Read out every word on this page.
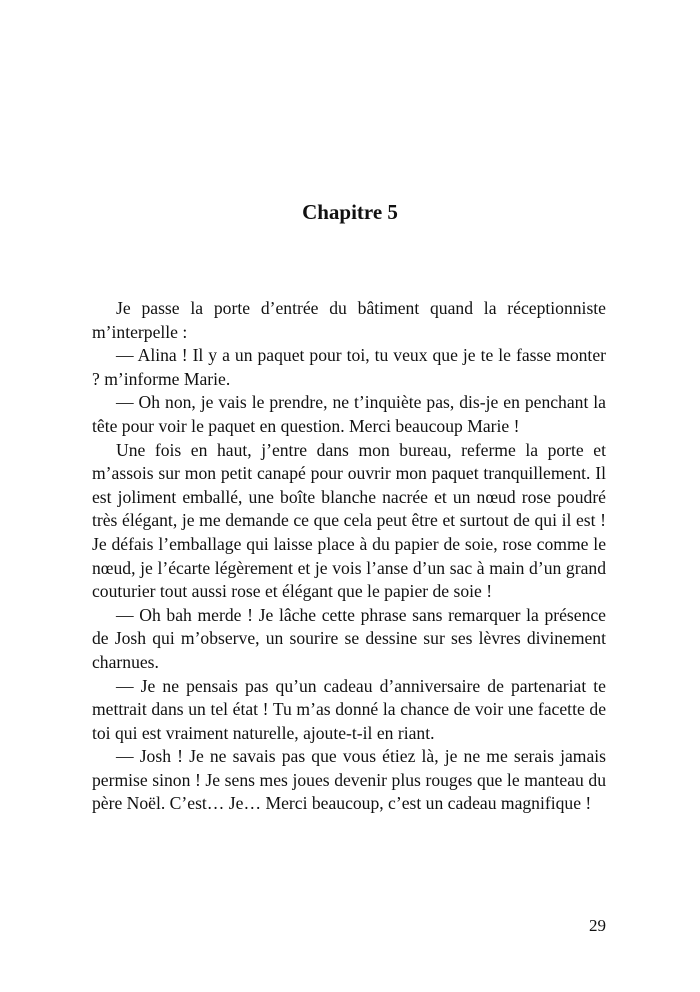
Chapitre 5

Je passe la porte d’entrée du bâtiment quand la réceptionniste m’interpelle :

— Alina ! Il y a un paquet pour toi, tu veux que je te le fasse monter ? m’informe Marie.

— Oh non, je vais le prendre, ne t’inquiète pas, dis-je en penchant la tête pour voir le paquet en question. Merci beaucoup Marie !

Une fois en haut, j’entre dans mon bureau, referme la porte et m’assois sur mon petit canapé pour ouvrir mon paquet tranquillement. Il est joliment emballé, une boîte blanche nacrée et un nœud rose poudré très élégant, je me demande ce que cela peut être et surtout de qui il est ! Je défais l’emballage qui laisse place à du papier de soie, rose comme le nœud, je l’écarte légèrement et je vois l’anse d’un sac à main d’un grand couturier tout aussi rose et élégant que le papier de soie !

— Oh bah merde ! Je lâche cette phrase sans remarquer la présence de Josh qui m’observe, un sourire se dessine sur ses lèvres divinement charnues.

— Je ne pensais pas qu’un cadeau d’anniversaire de partenariat te mettrait dans un tel état ! Tu m’as donné la chance de voir une facette de toi qui est vraiment naturelle, ajoute-t-il en riant.

— Josh ! Je ne savais pas que vous étiez là, je ne me serais jamais permise sinon ! Je sens mes joues devenir plus rouges que le manteau du père Noël. C’est… Je… Merci beaucoup, c’est un cadeau magnifique !

29
